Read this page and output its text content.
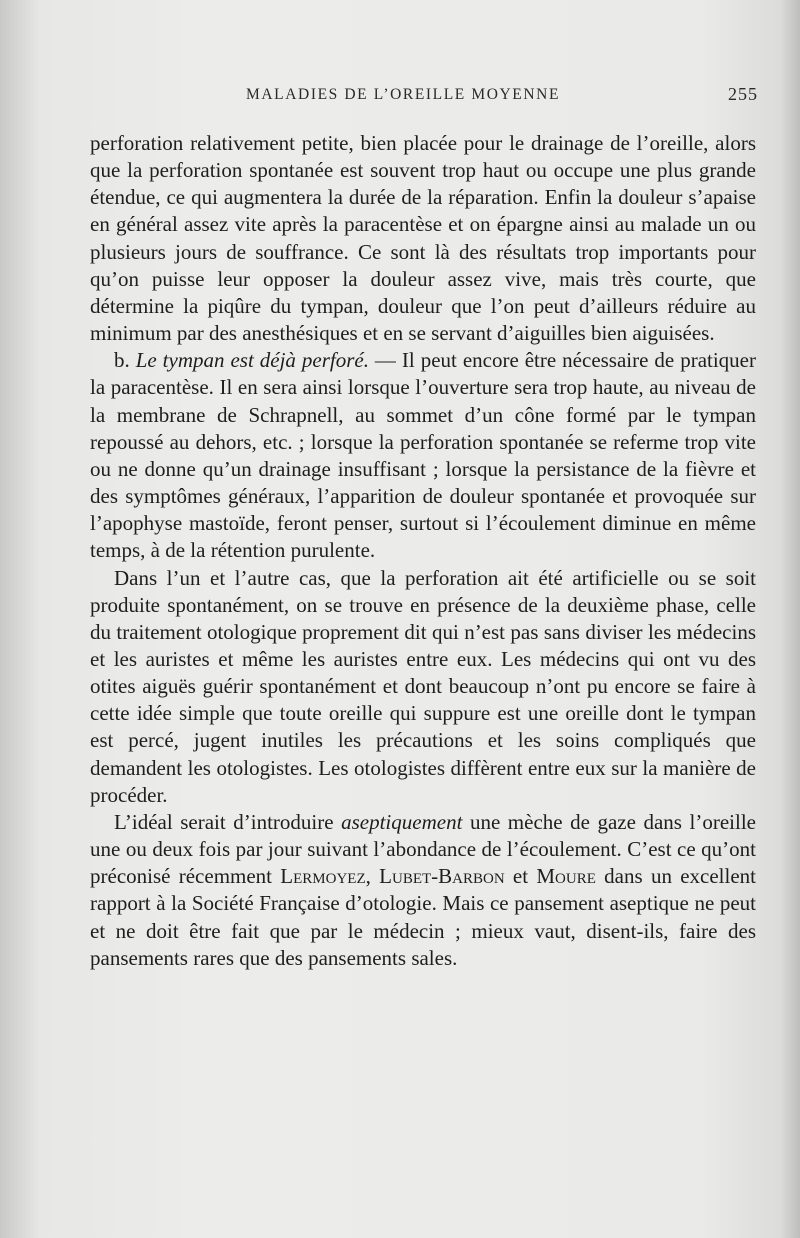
MALADIES DE L’OREILLE MOYENNE	255

perforation relativement petite, bien placée pour le drainage de l’oreille, alors que la perforation spontanée est souvent trop haut ou occupe une plus grande étendue, ce qui augmentera la durée de la réparation. Enfin la douleur s’apaise en général assez vite après la paracentèse et on épargne ainsi au malade un ou plusieurs jours de souffrance. Ce sont là des résultats trop importants pour qu’on puisse leur opposer la douleur assez vive, mais très courte, que détermine la piqûre du tympan, douleur que l’on peut d’ailleurs réduire au minimum par des anesthésiques et en se servant d’aiguilles bien aiguisées.

b. Le tympan est déjà perforé. — Il peut encore être nécessaire de pratiquer la paracentèse. Il en sera ainsi lorsque l’ouverture sera trop haute, au niveau de la membrane de Schrapnell, au sommet d’un cône formé par le tympan repoussé au dehors, etc. ; lorsque la perforation spontanée se referme trop vite ou ne donne qu’un drainage insuffisant ; lorsque la persistance de la fièvre et des symptômes généraux, l’apparition de douleur spontanée et provoquée sur l’apophyse mastoïde, feront penser, surtout si l’écoulement diminue en même temps, à de la rétention purulente.

Dans l’un et l’autre cas, que la perforation ait été artificielle ou se soit produite spontanément, on se trouve en présence de la deuxième phase, celle du traitement otologique proprement dit qui n’est pas sans diviser les médecins et les auristes et même les auristes entre eux. Les médecins qui ont vu des otites aiguës guérir spontanément et dont beaucoup n’ont pu encore se faire à cette idée simple que toute oreille qui suppure est une oreille dont le tympan est percé, jugent inutiles les précautions et les soins compliqués que demandent les otologistes. Les otologistes diffèrent entre eux sur la manière de procéder.

L’idéal serait d’introduire aseptiquement une mèche de gaze dans l’oreille une ou deux fois par jour suivant l’abondance de l’écoulement. C’est ce qu’ont préconisé récemment Lermoyez, Lubet-Barbon et Moure dans un excellent rapport à la Société Française d’otologie. Mais ce pansement aseptique ne peut et ne doit être fait que par le médecin ; mieux vaut, disent-ils, faire des pansements rares que des pansements sales.
